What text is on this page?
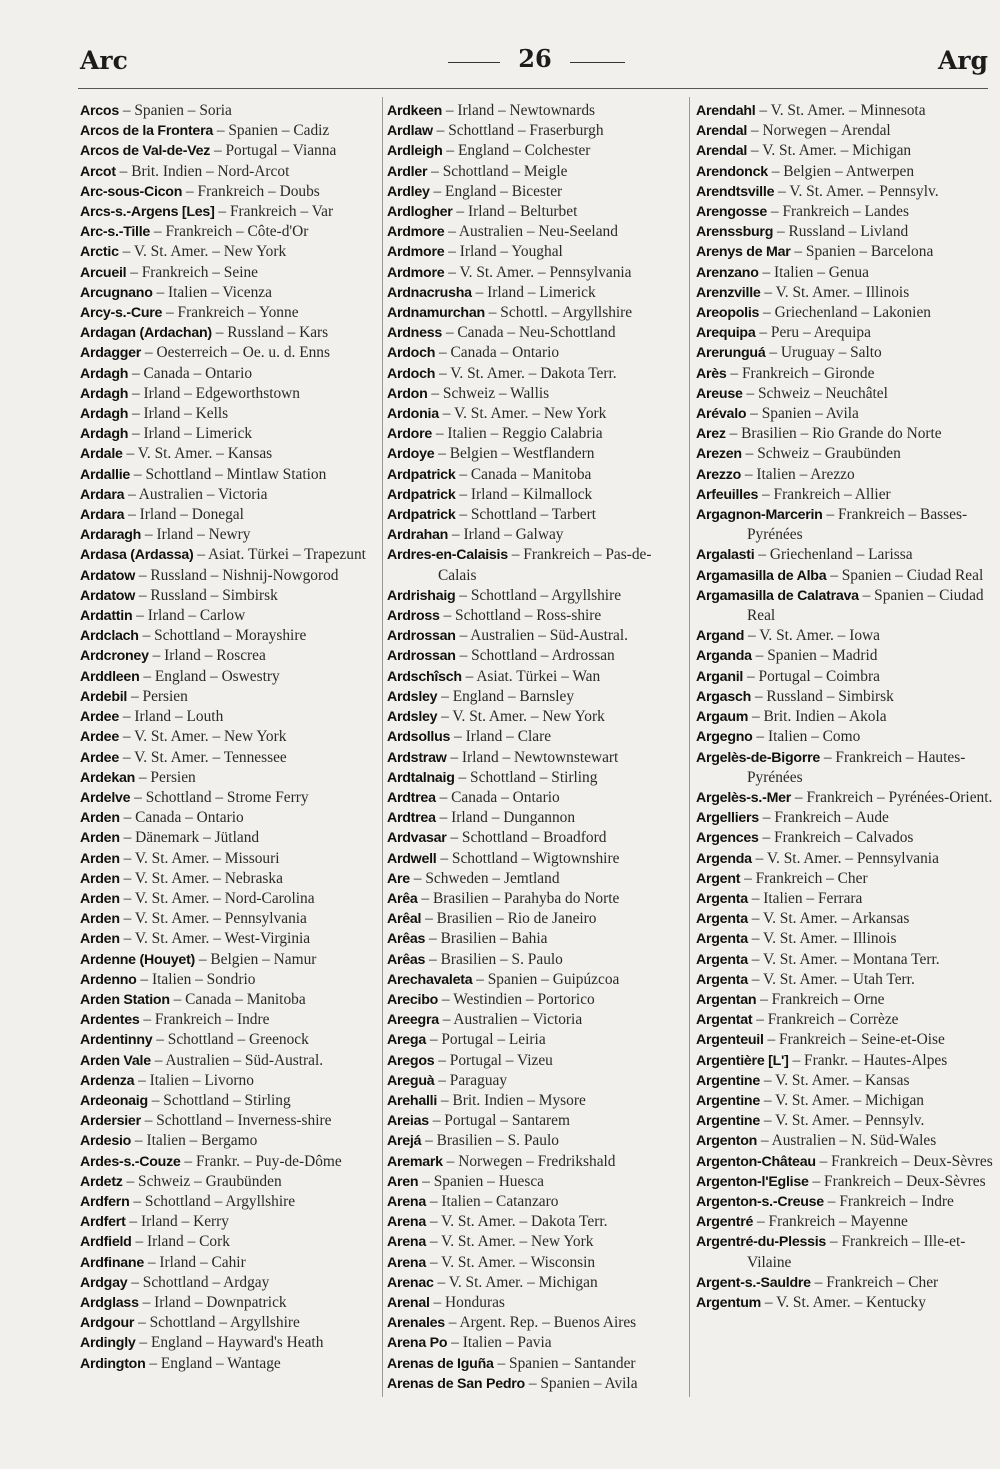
Arc	26	Arg
Arcos – Spanien – Soria
Arcos de la Frontera – Spanien – Cadiz
Arcos de Val-de-Vez – Portugal – Vianna
Arcot – Brit. Indien – Nord-Arcot
Arc-sous-Cicon – Frankreich – Doubs
Arcs-s.-Argens [Les] – Frankreich – Var
Arc-s.-Tille – Frankreich – Côte-d'Or
Arctic – V. St. Amer. – New York
Arcueil – Frankreich – Seine
Arcugnano – Italien – Vicenza
Arcy-s.-Cure – Frankreich – Yonne
Ardagan (Ardachan) – Russland – Kars
Ardagger – Oesterreich – Oe. u. d. Enns
Ardagh – Canada – Ontario
Ardagh – Irland – Edgeworthstown
Ardagh – Irland – Kells
Ardagh – Irland – Limerick
Ardale – V. St. Amer. – Kansas
Ardallie – Schottland – Mintlaw Station
Ardara – Australien – Victoria
Ardara – Irland – Donegal
Ardaragh – Irland – Newry
Ardasa (Ardassa) – Asiat. Türkei – Trapezunt
Ardatow – Russland – Nishnij-Nowgorod
Ardatow – Russland – Simbirsk
Ardattin – Irland – Carlow
Ardclach – Schottland – Morayshire
Ardcroney – Irland – Roscrea
Arddleen – England – Oswestry
Ardebil – Persien
Ardee – Irland – Louth
Ardee – V. St. Amer. – New York
Ardee – V. St. Amer. – Tennessee
Ardekan – Persien
Ardelve – Schottland – Strome Ferry
Arden – Canada – Ontario
Arden – Dänemark – Jütland
Arden – V. St. Amer. – Missouri
Arden – V. St. Amer. – Nebraska
Arden – V. St. Amer. – Nord-Carolina
Arden – V. St. Amer. – Pennsylvania
Arden – V. St. Amer. – West-Virginia
Ardenne (Houyet) – Belgien – Namur
Ardenno – Italien – Sondrio
Arden Station – Canada – Manitoba
Ardentes – Frankreich – Indre
Ardentinny – Schottland – Greenock
Arden Vale – Australien – Süd-Austral.
Ardenza – Italien – Livorno
Ardeonaig – Schottland – Stirling
Ardersier – Schottland – Inverness-shire
Ardesio – Italien – Bergamo
Ardes-s.-Couze – Frankr. – Puy-de-Dôme
Ardetz – Schweiz – Graubünden
Ardfern – Schottland – Argyllshire
Ardfert – Irland – Kerry
Ardfield – Irland – Cork
Ardfinane – Irland – Cahir
Ardgay – Schottland – Ardgay
Ardglass – Irland – Downpatrick
Ardgour – Schottland – Argyllshire
Ardingly – England – Hayward's Heath
Ardington – England – Wantage
Ardkeen – Irland – Newtownards
Ardlaw – Schottland – Fraserburgh
Ardleigh – England – Colchester
Ardler – Schottland – Meigle
Ardley – England – Bicester
Ardlogher – Irland – Belturbet
Ardmore – Australien – Neu-Seeland
Ardmore – Irland – Youghal
Ardmore – V. St. Amer. – Pennsylvania
Ardnacrusha – Irland – Limerick
Ardnamurchan – Schottl. – Argyllshire
Ardness – Canada – Neu-Schottland
Ardoch – Canada – Ontario
Ardoch – V. St. Amer. – Dakota Terr.
Ardon – Schweiz – Wallis
Ardonia – V. St. Amer. – New York
Ardore – Italien – Reggio Calabria
Ardoye – Belgien – Westflandern
Ardpatrick – Canada – Manitoba
Ardpatrick – Irland – Kilmallock
Ardpatrick – Schottland – Tarbert
Ardrahan – Irland – Galway
Ardres-en-Calaisis – Frankreich – Pas-de-Calais
Ardrishaig – Schottland – Argyllshire
Ardross – Schottland – Ross-shire
Ardrossan – Australien – Süd-Austral.
Ardrossan – Schottland – Ardrossan
Ardschîsch – Asiat. Türkei – Wan
Ardsley – England – Barnsley
Ardsley – V. St. Amer. – New York
Ardsollus – Irland – Clare
Ardstraw – Irland – Newtownstewart
Ardtalnaig – Schottland – Stirling
Ardtrea – Canada – Ontario
Ardtrea – Irland – Dungannon
Ardvasar – Schottland – Broadford
Ardwell – Schottland – Wigtownshire
Are – Schweden – Jemtland
Arêa – Brasilien – Parahyba do Norte
Arêal – Brasilien – Rio de Janeiro
Arêas – Brasilien – Bahia
Arêas – Brasilien – S. Paulo
Arechavaleta – Spanien – Guipúzcoa
Arecibo – Westindien – Portorico
Areegra – Australien – Victoria
Arega – Portugal – Leiria
Aregos – Portugal – Vizeu
Areguà – Paraguay
Arehalli – Brit. Indien – Mysore
Areias – Portugal – Santarem
Arejá – Brasilien – S. Paulo
Aremark – Norwegen – Fredrikshald
Aren – Spanien – Huesca
Arena – Italien – Catanzaro
Arena – V. St. Amer. – Dakota Terr.
Arena – V. St. Amer. – New York
Arena – V. St. Amer. – Wisconsin
Arenac – V. St. Amer. – Michigan
Arenal – Honduras
Arenales – Argent. Rep. – Buenos Aires
Arena Po – Italien – Pavia
Arenas de Iguña – Spanien – Santander
Arenas de San Pedro – Spanien – Avila
Arendahl – V. St. Amer. – Minnesota
Arendal – Norwegen – Arendal
Arendal – V. St. Amer. – Michigan
Arendonck – Belgien – Antwerpen
Arendtsville – V. St. Amer. – Pennsylv.
Arengosse – Frankreich – Landes
Arenssburg – Russland – Livland
Arenys de Mar – Spanien – Barcelona
Arenzano – Italien – Genua
Arenzville – V. St. Amer. – Illinois
Areopolis – Griechenland – Lakonien
Arequipa – Peru – Arequipa
Arerunguá – Uruguay – Salto
Arès – Frankreich – Gironde
Areuse – Schweiz – Neuchâtel
Arévalo – Spanien – Avila
Arez – Brasilien – Rio Grande do Norte
Arezen – Schweiz – Graubünden
Arezzo – Italien – Arezzo
Arfeuilles – Frankreich – Allier
Argagnon-Marcerin – Frankreich – Basses-Pyrénées
Argalasti – Griechenland – Larissa
Argamasilla de Alba – Spanien – Ciudad Real
Argamasilla de Calatrava – Spanien – Ciudad Real
Argand – V. St. Amer. – Iowa
Arganda – Spanien – Madrid
Arganil – Portugal – Coimbra
Argasch – Russland – Simbirsk
Argaum – Brit. Indien – Akola
Argegno – Italien – Como
Argelès-de-Bigorre – Frankreich – Hautes-Pyrénées
Argelès-s.-Mer – Frankreich – Pyrénées-Orient.
Argelliers – Frankreich – Aude
Argences – Frankreich – Calvados
Argenda – V. St. Amer. – Pennsylvania
Argent – Frankreich – Cher
Argenta – Italien – Ferrara
Argenta – V. St. Amer. – Arkansas
Argenta – V. St. Amer. – Illinois
Argenta – V. St. Amer. – Montana Terr.
Argenta – V. St. Amer. – Utah Terr.
Argentan – Frankreich – Orne
Argentat – Frankreich – Corrèze
Argenteuil – Frankreich – Seine-et-Oise
Argentière [L'] – Frankr. – Hautes-Alpes
Argentine – V. St. Amer. – Kansas
Argentine – V. St. Amer. – Michigan
Argentine – V. St. Amer. – Pennsylv.
Argenton – Australien – N. Süd-Wales
Argenton-Château – Frankreich – Deux-Sèvres
Argenton-l'Eglise – Frankreich – Deux-Sèvres
Argenton-s.-Creuse – Frankreich – Indre
Argentré – Frankreich – Mayenne
Argentré-du-Plessis – Frankreich – Ille-et-Vilaine
Argent-s.-Sauldre – Frankreich – Cher
Argentum – V. St. Amer. – Kentucky
